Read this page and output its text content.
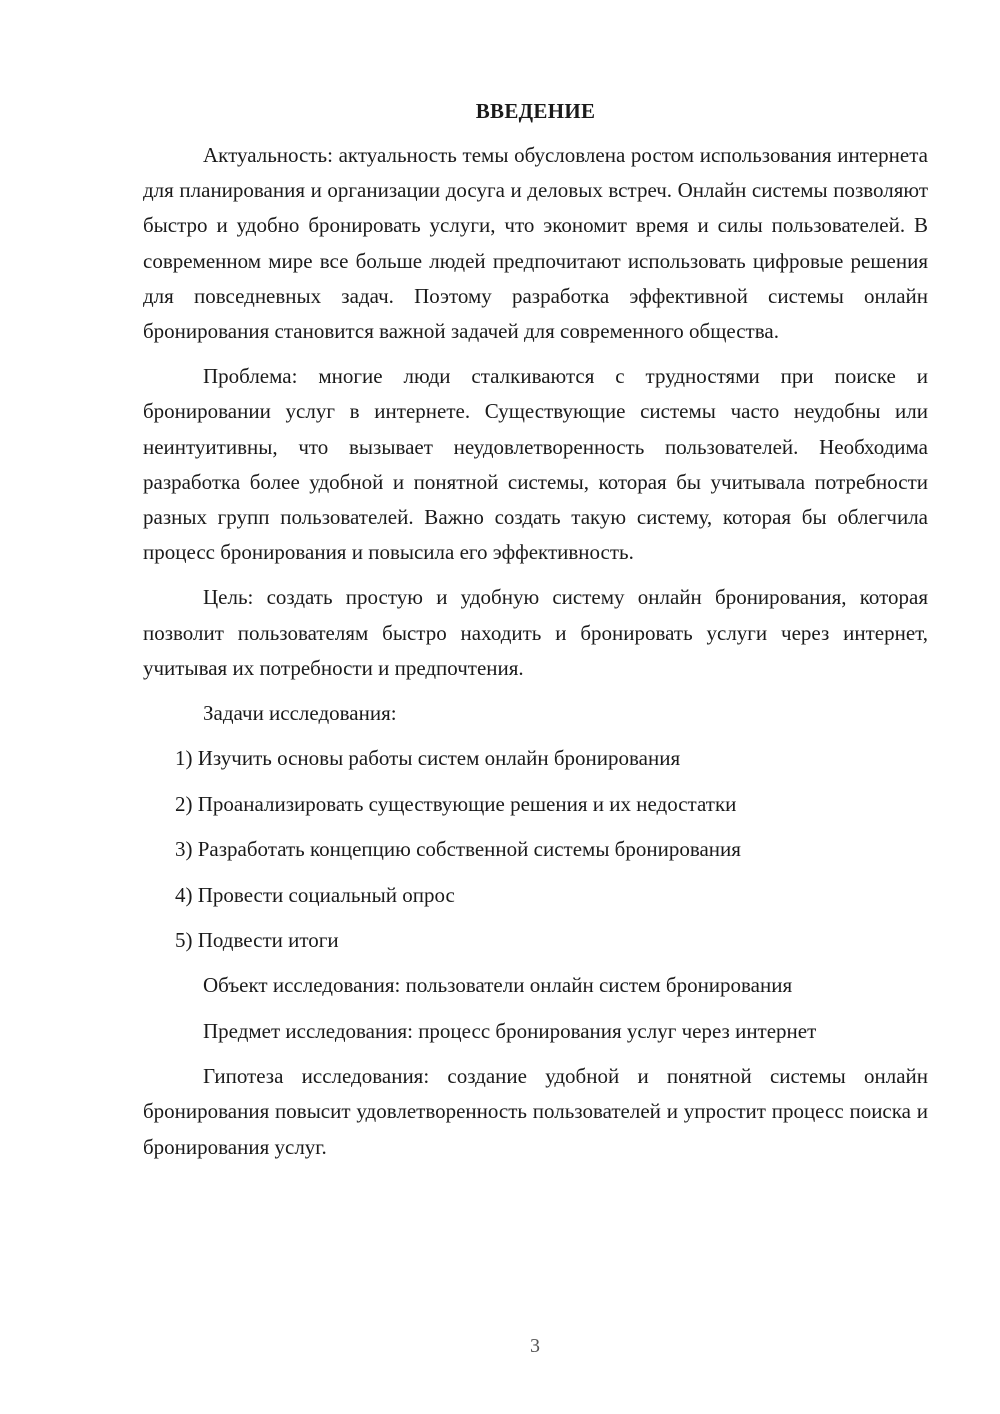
ВВЕДЕНИЕ

Актуальность: актуальность темы обусловлена ростом использования интернета для планирования и организации досуга и деловых встреч. Онлайн системы позволяют быстро и удобно бронировать услуги, что экономит время и силы пользователей. В современном мире все больше людей предпочитают использовать цифровые решения для повседневных задач. Поэтому разработка эффективной системы онлайн бронирования становится важной задачей для современного общества.

Проблема: многие люди сталкиваются с трудностями при поиске и бронировании услуг в интернете. Существующие системы часто неудобны или неинтуитивны, что вызывает неудовлетворенность пользователей. Необходима разработка более удобной и понятной системы, которая бы учитывала потребности разных групп пользователей. Важно создать такую систему, которая бы облегчила процесс бронирования и повысила его эффективность.

Цель: создать простую и удобную систему онлайн бронирования, которая позволит пользователям быстро находить и бронировать услуги через интернет, учитывая их потребности и предпочтения.

Задачи исследования:
1) Изучить основы работы систем онлайн бронирования
2) Проанализировать существующие решения и их недостатки
3) Разработать концепцию собственной системы бронирования
4) Провести социальный опрос
5) Подвести итоги
Объект исследования: пользователи онлайн систем бронирования
Предмет исследования: процесс бронирования услуг через интернет

Гипотеза исследования: создание удобной и понятной системы онлайн бронирования повысит удовлетворенность пользователей и упростит процесс поиска и бронирования услуг.

3
